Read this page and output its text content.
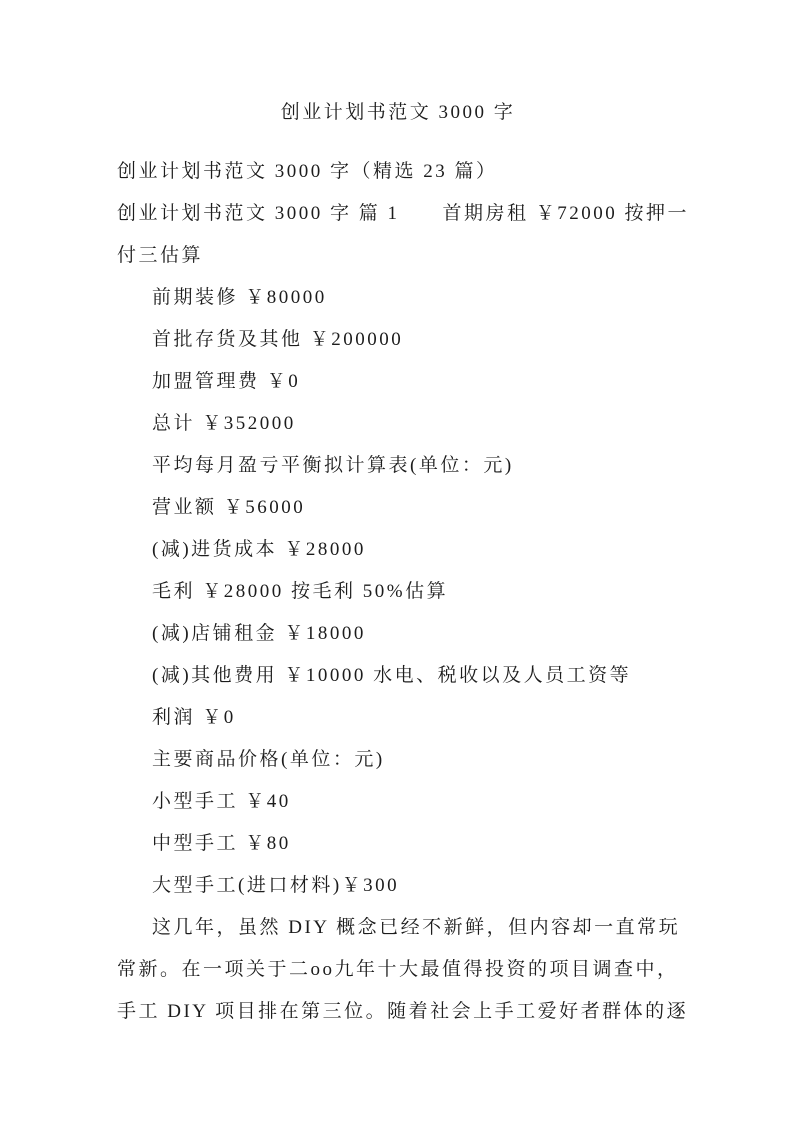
创业计划书范文 3000 字
创业计划书范文 3000 字（精选 23 篇）
创业计划书范文 3000 字 篇 1　　首期房租 ￥72000 按押一
付三估算
前期装修 ￥80000
首批存货及其他 ￥200000
加盟管理费 ￥0
总计 ￥352000
平均每月盈亏平衡拟计算表(单位：元)
营业额 ￥56000
(减)进货成本 ￥28000
毛利 ￥28000 按毛利 50%估算
(减)店铺租金 ￥18000
(减)其他费用 ￥10000 水电、税收以及人员工资等
利润 ￥0
主要商品价格(单位：元)
小型手工 ￥40
中型手工 ￥80
大型手工(进口材料)￥300
这几年，虽然 DIY 概念已经不新鲜，但内容却一直常玩
常新。在一项关于二oo九年十大最值得投资的项目调查中，
手工 DIY 项目排在第三位。随着社会上手工爱好者群体的逐
